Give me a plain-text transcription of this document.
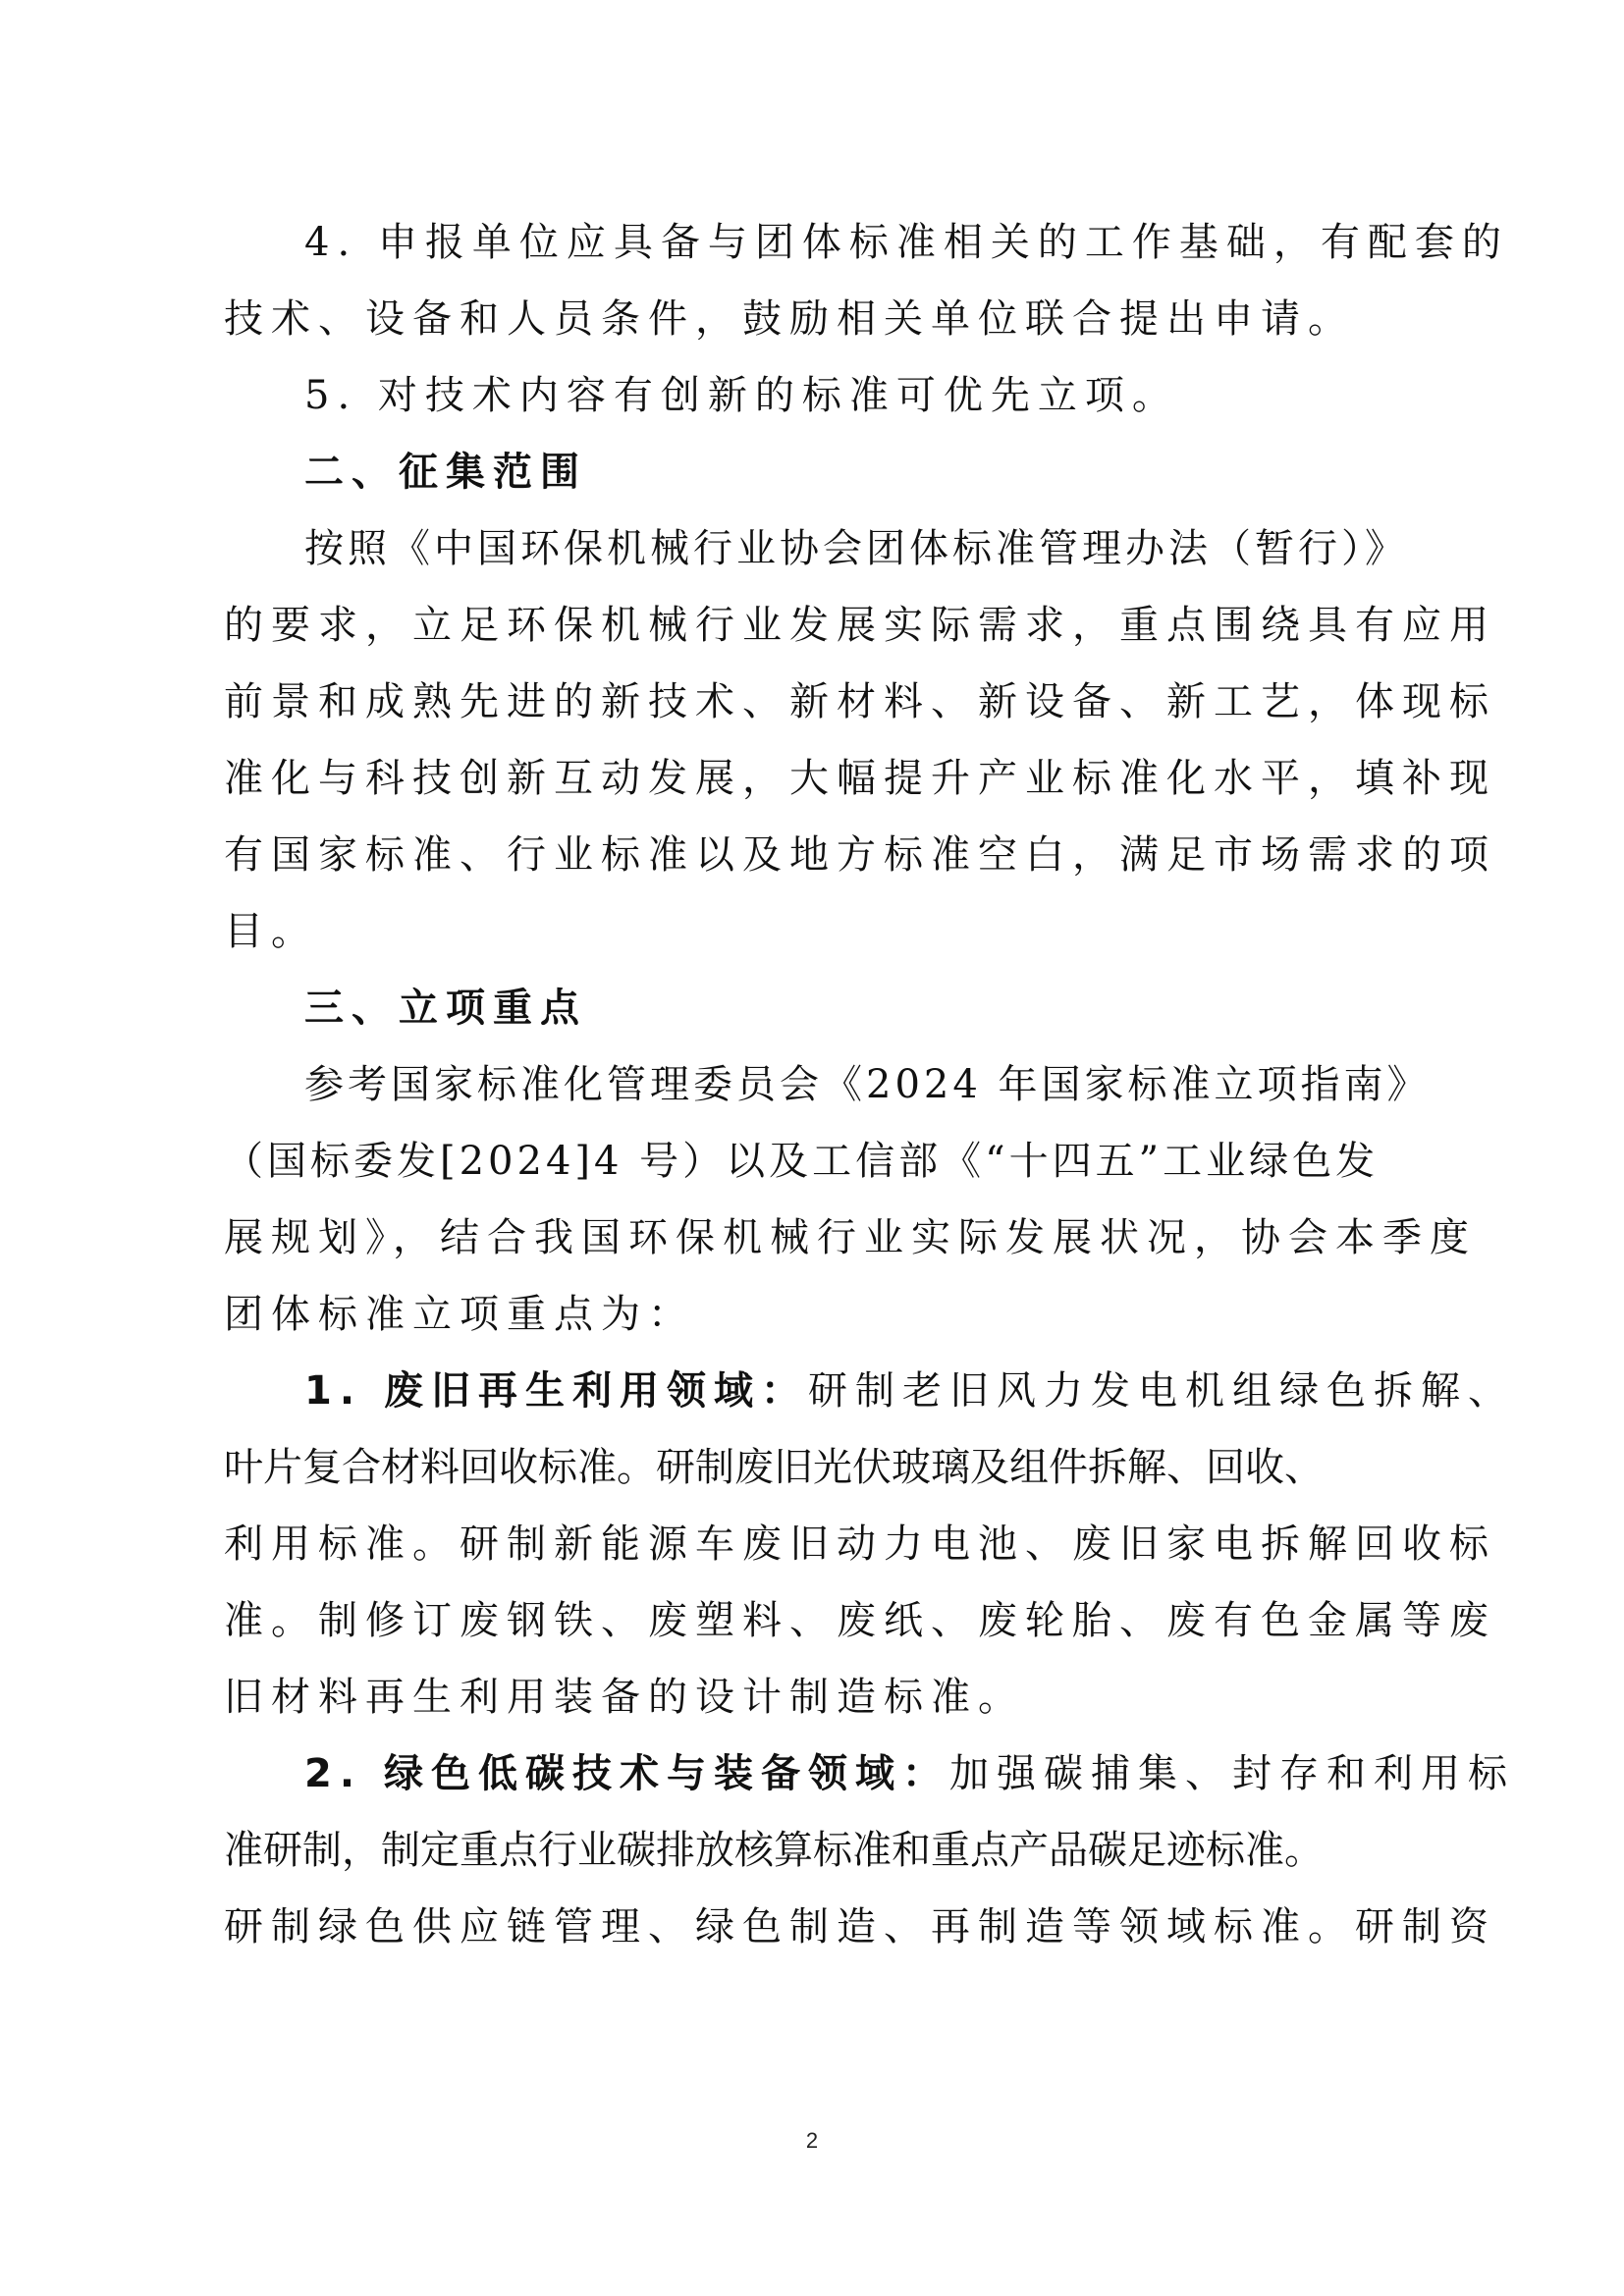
4. 申报单位应具备与团体标准相关的工作基础，有配套的
技术、设备和人员条件，鼓励相关单位联合提出申请。
5. 对技术内容有创新的标准可优先立项。
二、征集范围
按照《中国环保机械行业协会团体标准管理办法（暂行）》
的要求，立足环保机械行业发展实际需求，重点围绕具有应用
前景和成熟先进的新技术、新材料、新设备、新工艺，体现标
准化与科技创新互动发展，大幅提升产业标准化水平，填补现
有国家标准、行业标准以及地方标准空白，满足市场需求的项
目。
三、立项重点
参考国家标准化管理委员会《2024 年国家标准立项指南》
（国标委发[2024]4 号）以及工信部《“十四五”工业绿色发
展规划》，结合我国环保机械行业实际发展状况，协会本季度
团体标准立项重点为：
1. 废旧再生利用领域：研制老旧风力发电机组绿色拆解、
叶片复合材料回收标准。研制废旧光伏玻璃及组件拆解、回收、
利用标准。研制新能源车废旧动力电池、废旧家电拆解回收标
准。制修订废钢铁、废塑料、废纸、废轮胎、废有色金属等废
旧材料再生利用装备的设计制造标准。
2. 绿色低碳技术与装备领域：加强碳捕集、封存和利用标
准研制，制定重点行业碳排放核算标准和重点产品碳足迹标准。
研制绿色供应链管理、绿色制造、再制造等领域标准。研制资
2
